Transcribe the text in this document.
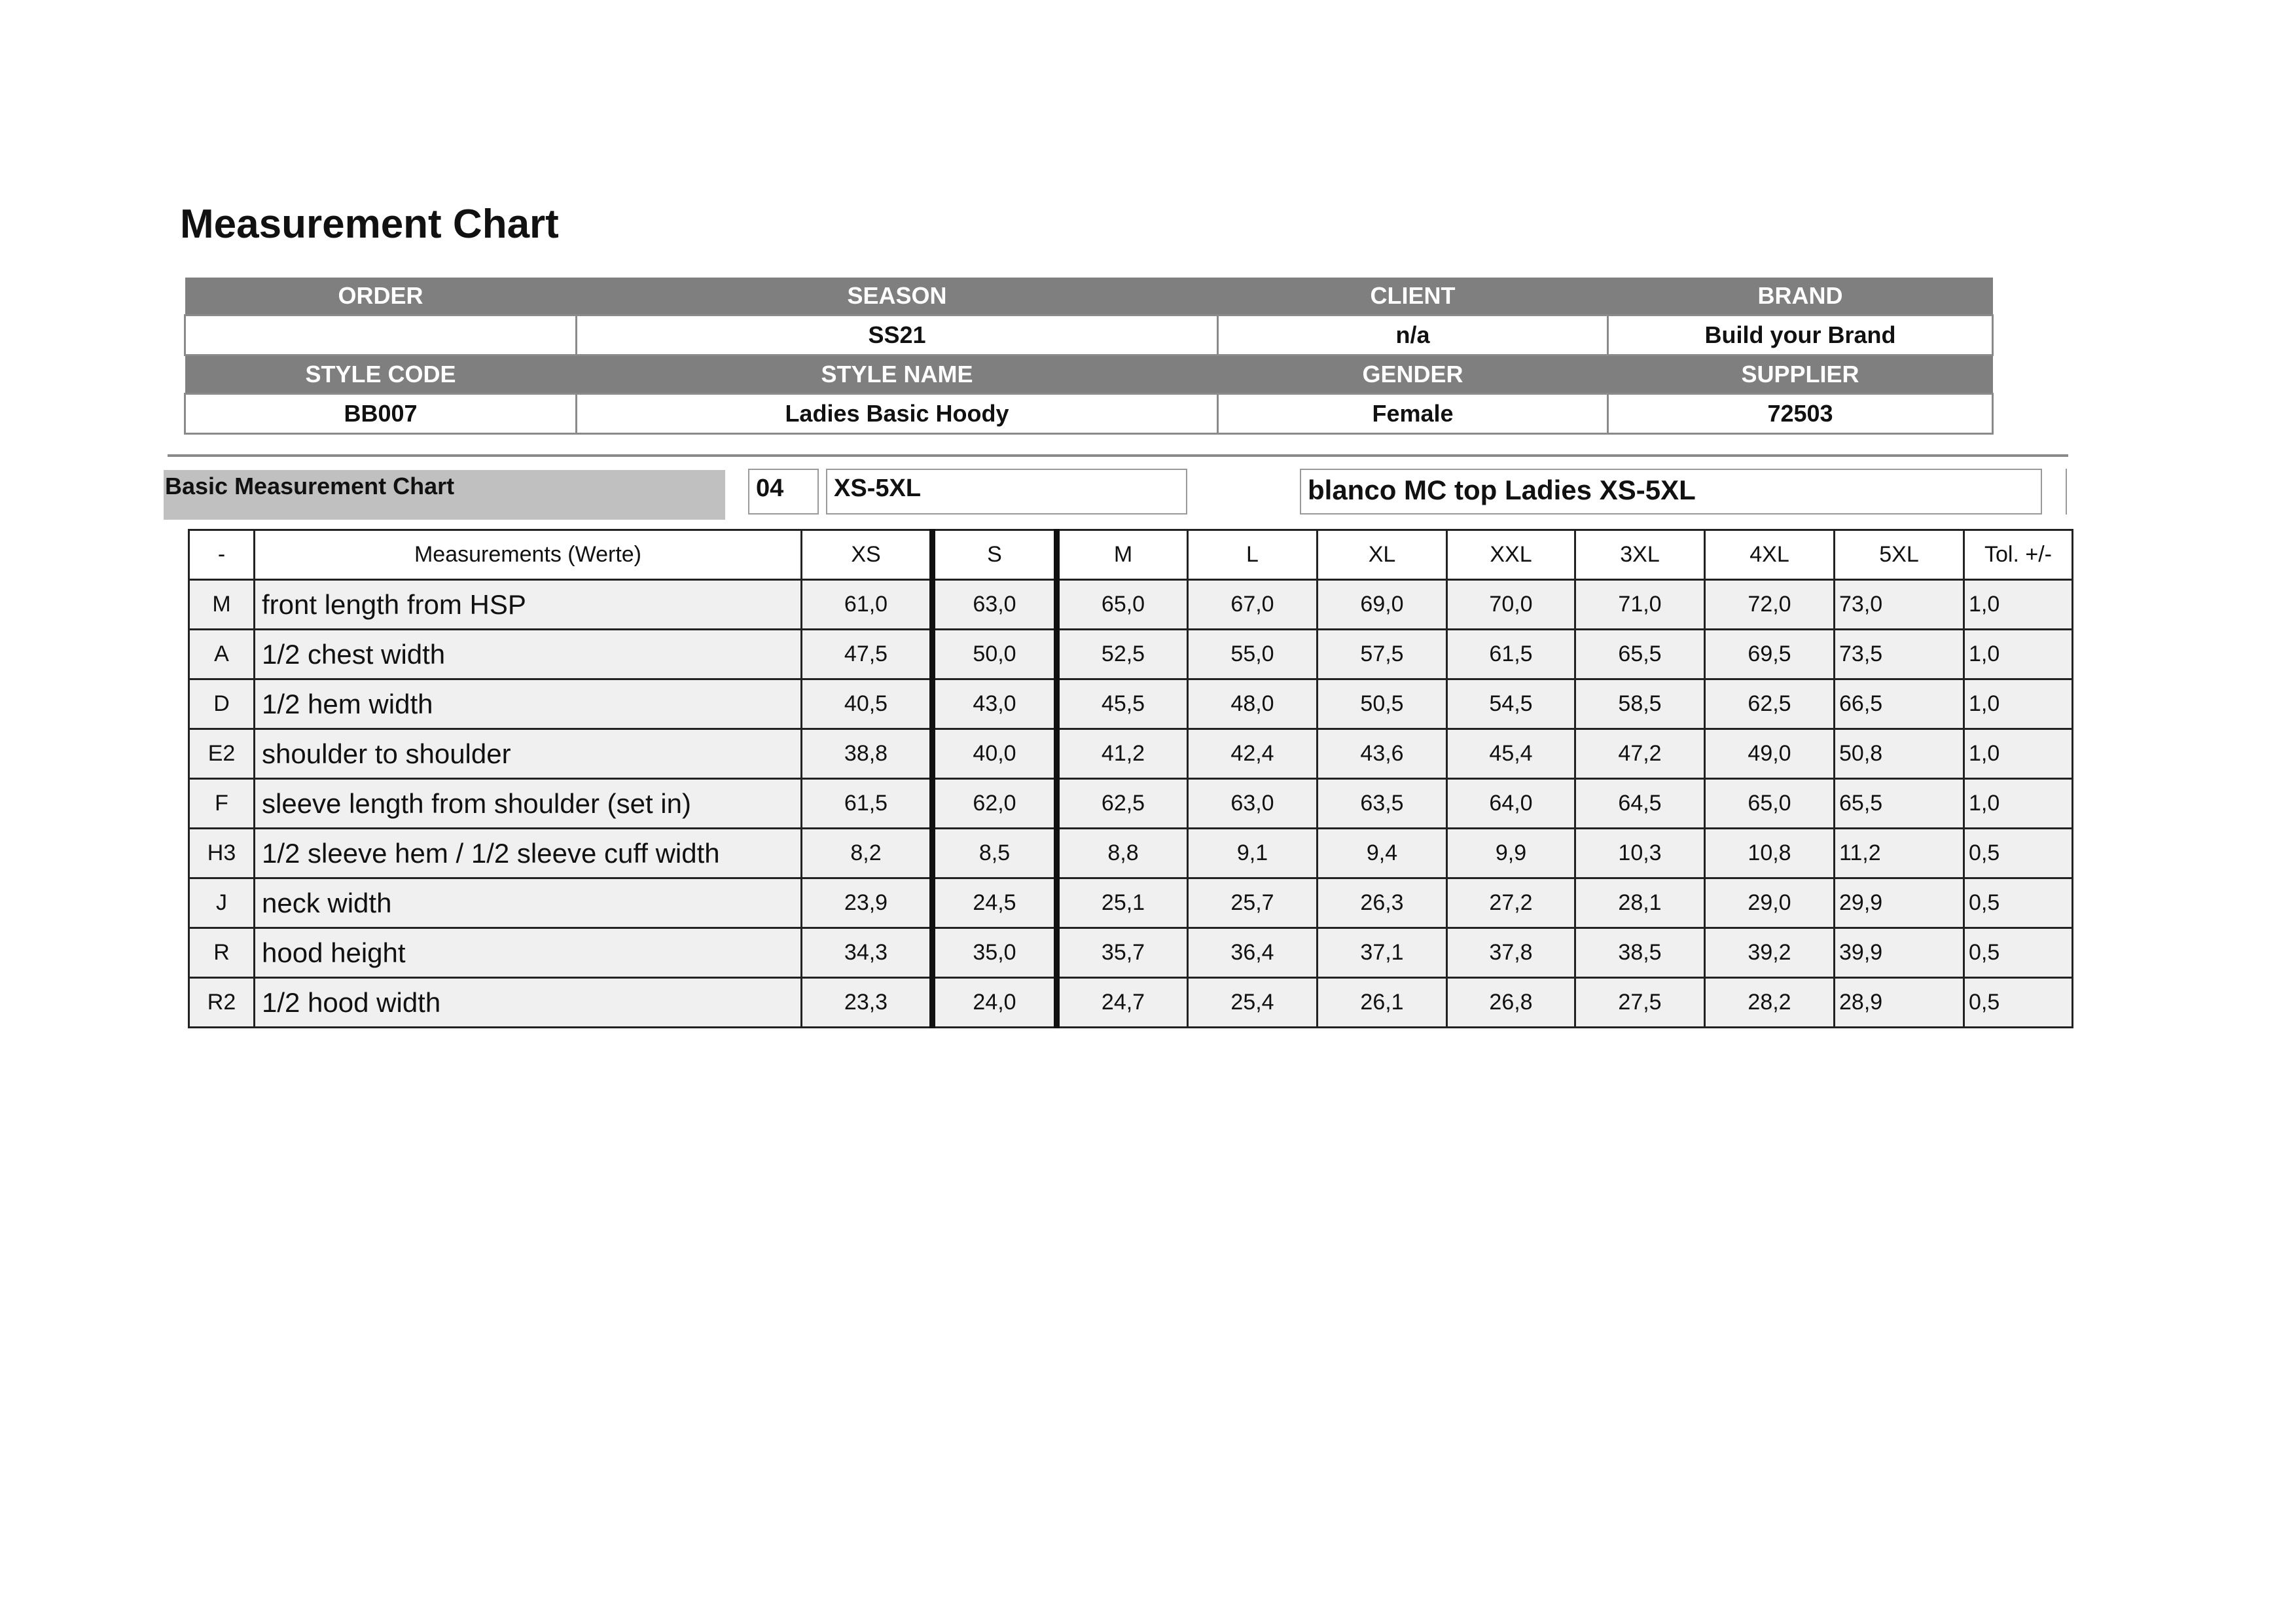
Measurement Chart
ORDER	SEASON	CLIENT	BRAND
	SS21	n/a	Build your Brand
STYLE CODE	STYLE NAME	GENDER	SUPPLIER
BB007	Ladies Basic Hoody	Female	72503
Basic Measurement Chart	04	XS-5XL	blanco MC top Ladies XS-5XL
-	Measurements (Werte)	XS	S	M	L	XL	XXL	3XL	4XL	5XL	Tol. +/-
M	front length from HSP	61,0	63,0	65,0	67,0	69,0	70,0	71,0	72,0	73,0	1,0
A	1/2 chest width	47,5	50,0	52,5	55,0	57,5	61,5	65,5	69,5	73,5	1,0
D	1/2 hem width	40,5	43,0	45,5	48,0	50,5	54,5	58,5	62,5	66,5	1,0
E2	shoulder to shoulder	38,8	40,0	41,2	42,4	43,6	45,4	47,2	49,0	50,8	1,0
F	sleeve length from shoulder (set in)	61,5	62,0	62,5	63,0	63,5	64,0	64,5	65,0	65,5	1,0
H3	1/2 sleeve hem / 1/2 sleeve cuff width	8,2	8,5	8,8	9,1	9,4	9,9	10,3	10,8	11,2	0,5
J	neck width	23,9	24,5	25,1	25,7	26,3	27,2	28,1	29,0	29,9	0,5
R	hood height	34,3	35,0	35,7	36,4	37,1	37,8	38,5	39,2	39,9	0,5
R2	1/2 hood width	23,3	24,0	24,7	25,4	26,1	26,8	27,5	28,2	28,9	0,5
